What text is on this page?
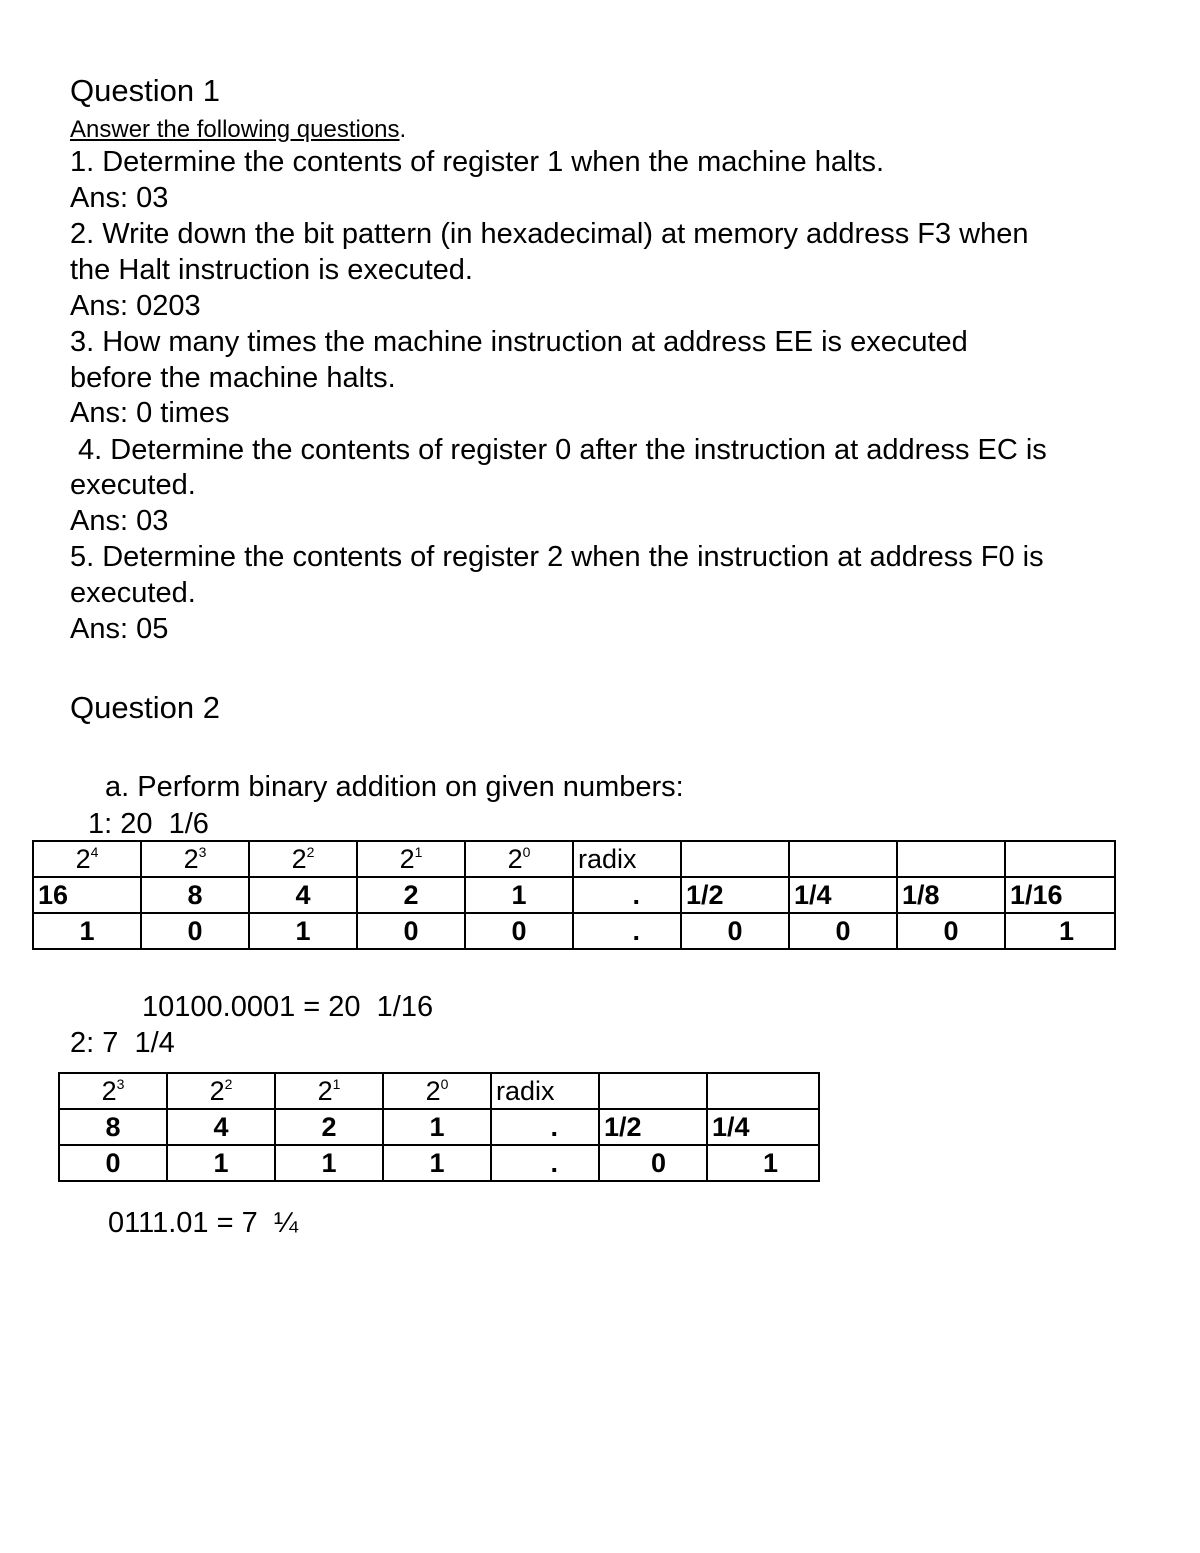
Question 1
Answer the following questions.
1. Determine the contents of register 1 when the machine halts.
Ans: 03
2. Write down the bit pattern (in hexadecimal) at memory address F3 when
the Halt instruction is executed.
Ans: 0203
3. How many times the machine instruction at address EE is executed
before the machine halts.
Ans: 0 times
4. Determine the contents of register 0 after the instruction at address EC is
executed.
Ans: 03
5. Determine the contents of register 2 when the instruction at address F0 is
executed.
Ans: 05
Question 2
a. Perform binary addition on given numbers:
1: 20  1/6
$2^4$	$2^3$	$2^2$	$2^1$	$2^0$	radix				
16	8	4	2	1	.	1/2	1/4	1/8	1/16
1	0	1	0	0	.	0	0	0	1
10100.0001 = 20  1/16
2: 7  1/4
$2^3$	$2^2$	$2^1$	$2^0$	radix		
8	4	2	1	.	1/2	1/4
0	1	1	1	.	0	1
0111.01 = 7  ¼
